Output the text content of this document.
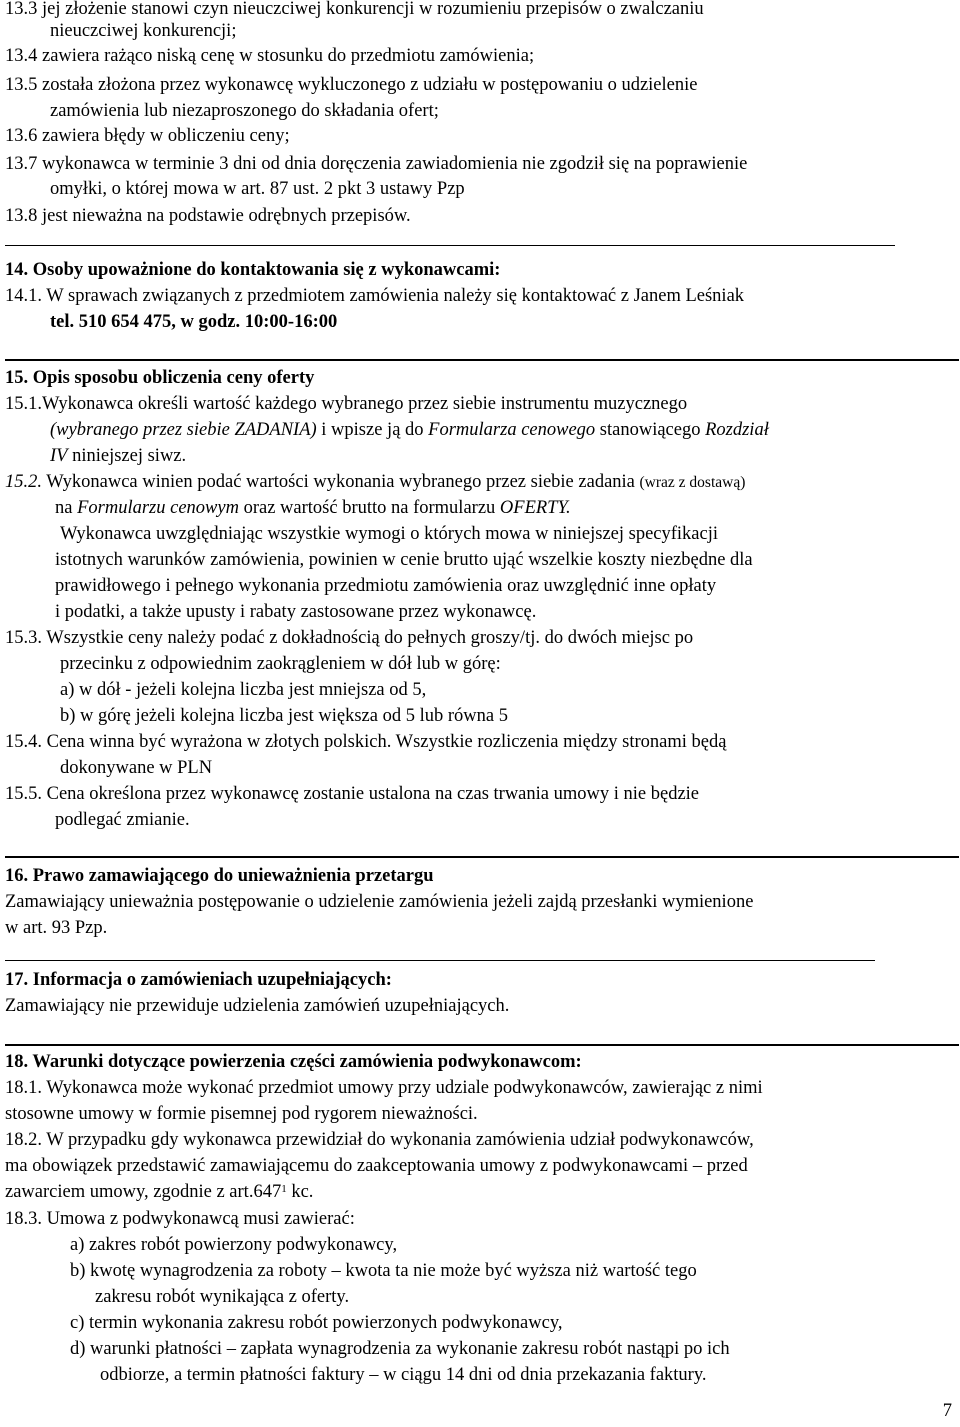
13.3 jej złożenie stanowi czyn nieuczciwej konkurencji w rozumieniu przepisów o zwalczaniu
nieuczciwej konkurencji;
13.4 zawiera rażąco niską cenę w stosunku do przedmiotu zamówienia;
13.5 została złożona przez wykonawcę wykluczonego z udziału w postępowaniu o udzielenie
zamówienia lub niezaproszonego do składania ofert;
13.6 zawiera błędy w obliczeniu ceny;
13.7 wykonawca w terminie 3 dni od dnia doręczenia zawiadomienia nie zgodził się na poprawienie
omyłki, o której mowa w art. 87 ust. 2 pkt 3 ustawy Pzp
13.8 jest nieważna na podstawie odrębnych przepisów.
14. Osoby upoważnione do kontaktowania się z wykonawcami:
14.1. W sprawach związanych z przedmiotem zamówienia należy się kontaktować z Janem Leśniak
tel. 510 654 475, w godz. 10:00-16:00
15. Opis sposobu obliczenia ceny oferty
15.1.Wykonawca określi wartość każdego wybranego przez siebie instrumentu muzycznego
(wybranego przez siebie ZADANIA) i wpisze ją do Formularza cenowego stanowiącego Rozdział
IV niniejszej siwz.
15.2. Wykonawca winien podać wartości wykonania wybranego przez siebie zadania (wraz z dostawą)
na Formularzu cenowym oraz wartość brutto na formularzu OFERTY.
Wykonawca uwzględniając wszystkie wymogi o których mowa w niniejszej specyfikacji
istotnych warunków zamówienia, powinien w cenie brutto ująć wszelkie koszty niezbędne dla
prawidłowego i pełnego wykonania przedmiotu zamówienia oraz uwzględnić inne opłaty
i podatki, a także upusty i rabaty zastosowane przez wykonawcę.
15.3. Wszystkie ceny należy podać z dokładnością do pełnych groszy/tj. do dwóch miejsc po
przecinku z odpowiednim zaokrągleniem w dół lub w górę:
a) w dół - jeżeli kolejna liczba jest mniejsza od 5,
b) w górę jeżeli kolejna liczba jest większa od 5 lub równa 5
15.4. Cena winna być wyrażona w złotych polskich. Wszystkie rozliczenia między stronami będą
dokonywane w PLN
15.5. Cena określona przez wykonawcę zostanie ustalona na czas trwania umowy i nie będzie
podlegać zmianie.
16. Prawo zamawiającego do unieważnienia przetargu
Zamawiający unieważnia postępowanie o udzielenie zamówienia jeżeli zajdą przesłanki wymienione
w art. 93 Pzp.
17. Informacja o zamówieniach uzupełniających:
Zamawiający nie przewiduje udzielenia zamówień uzupełniających.
18. Warunki dotyczące powierzenia części zamówienia podwykonawcom:
18.1. Wykonawca może wykonać przedmiot umowy przy udziale podwykonawców, zawierając z nimi
stosowne umowy w formie pisemnej pod rygorem nieważności.
18.2. W przypadku gdy wykonawca przewidział do wykonania zamówienia udział podwykonawców,
ma obowiązek przedstawić zamawiającemu do zaakceptowania umowy z podwykonawcami – przed
zawarciem umowy, zgodnie z art.647$^1$ kc.
18.3. Umowa z podwykonawcą musi zawierać:
a) zakres robót powierzony podwykonawcy,
b) kwotę wynagrodzenia za roboty – kwota ta nie może być wyższa niż wartość tego
zakresu robót wynikająca z oferty.
c) termin wykonania zakresu robót powierzonych podwykonawcy,
d) warunki płatności – zapłata wynagrodzenia za wykonanie zakresu robót nastąpi po ich
odbiorze, a termin płatności faktury – w ciągu 14 dni od dnia przekazania faktury.
7
